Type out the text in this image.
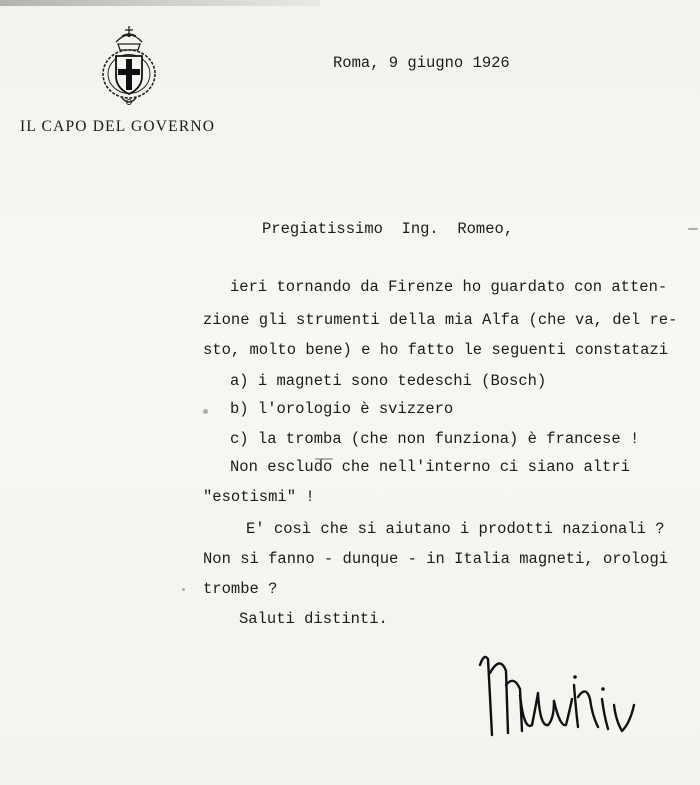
IL CAPO DEL GOVERNO
Roma, 9 giugno 1926
Pregiatissimo  Ing.  Romeo,
ieri tornando da Firenze ho guardato con atten-
zione gli strumenti della mia Alfa (che va, del re-
sto, molto bene) e ho fatto le seguenti constatazi
a) i magneti sono tedeschi (Bosch)
b) l'orologio è svizzero
c) la tromba (che non funziona) è francese !
Non escludo che nell'interno ci siano altri
"esotismi" !
E' così che si aiutano i prodotti nazionali ?
Non si fanno - dunque - in Italia magneti, orologi
trombe ?
Saluti distinti.
